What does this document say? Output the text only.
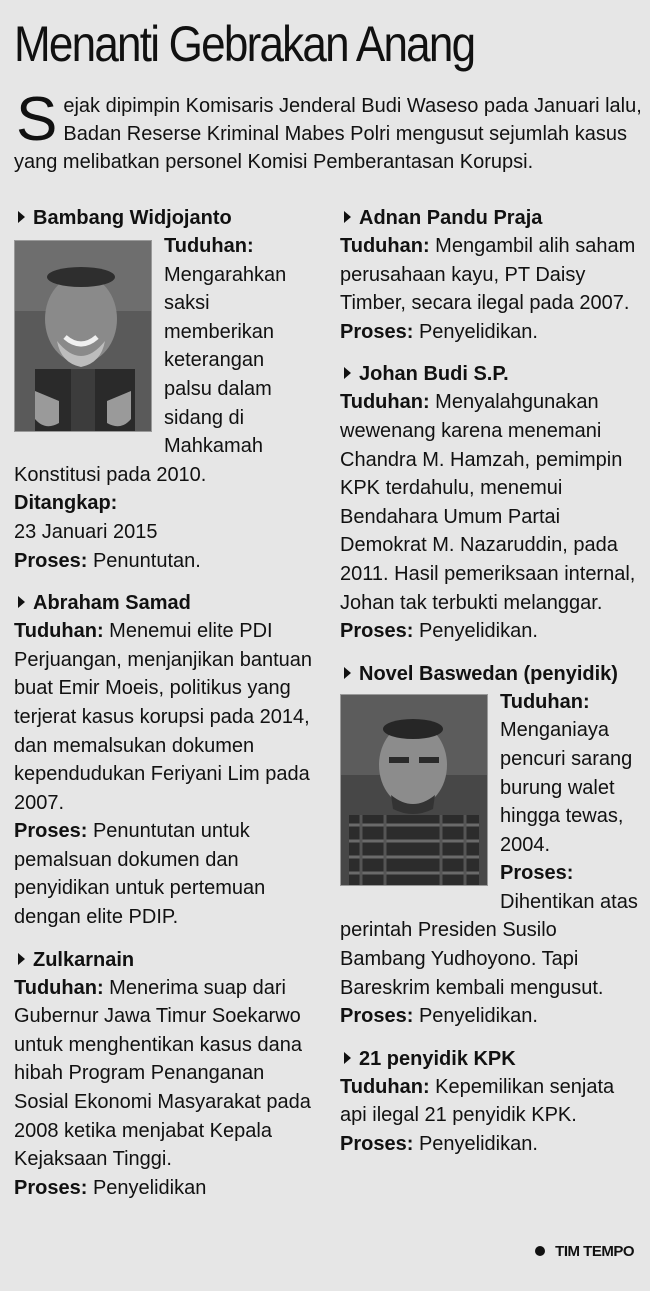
Menanti Gebrakan Anang
Sejak dipimpin Komisaris Jenderal Budi Waseso pada Januari lalu, Badan Reserse Kriminal Mabes Polri mengusut sejumlah kasus yang melibatkan personel Komisi Pemberantasan Korupsi.
Bambang Widjojanto
Tuduhan: Mengarahkan saksi memberikan keterangan palsu dalam sidang di Mahkamah Konstitusi pada 2010.
Ditangkap:
23 Januari 2015
Proses: Penuntutan.
Abraham Samad
Tuduhan: Menemui elite PDI Perjuangan, menjanjikan bantuan buat Emir Moeis, politikus yang terjerat kasus korupsi pada 2014, dan memalsukan dokumen kependudukan Feriyani Lim pada 2007.
Proses: Penuntutan untuk pemalsuan dokumen dan penyidikan untuk pertemuan dengan elite PDIP.
Zulkarnain
Tuduhan: Menerima suap dari Gubernur Jawa Timur Soekarwo untuk menghentikan kasus dana hibah Program Penanganan Sosial Ekonomi Masyarakat pada 2008 ketika menjabat Kepala Kejaksaan Tinggi.
Proses: Penyelidikan
Adnan Pandu Praja
Tuduhan: Mengambil alih saham perusahaan kayu, PT Daisy Timber, secara ilegal pada 2007.
Proses: Penyelidikan.
Johan Budi S.P.
Tuduhan: Menyalahgunakan wewenang karena menemani Chandra M. Hamzah, pemimpin KPK terdahulu, menemui Bendahara Umum Partai Demokrat M. Nazaruddin, pada 2011. Hasil pemeriksaan internal, Johan tak terbukti melanggar.
Proses: Penyelidikan.
Novel Baswedan (penyidik)
Tuduhan: Menganiaya pencuri sarang burung walet hingga tewas, 2004.
Proses: Dihentikan atas perintah Presiden Susilo Bambang Yudhoyono. Tapi Bareskrim kembali mengusut.
Proses: Penyelidikan.
21 penyidik KPK
Tuduhan: Kepemilikan senjata api ilegal 21 penyidik KPK.
Proses: Penyelidikan.
TIM TEMPO
